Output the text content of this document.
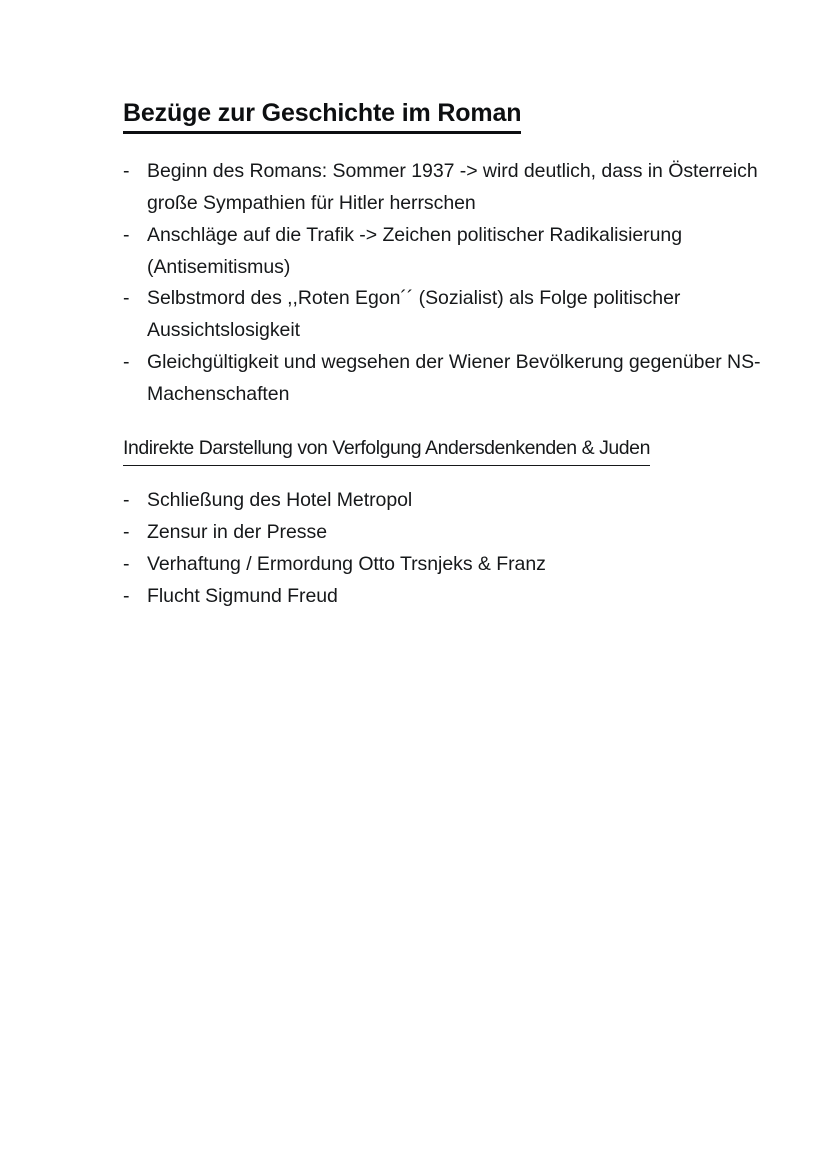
Bezüge zur Geschichte im Roman
- Beginn des Romans: Sommer 1937 -> wird deutlich, dass in Österreich große Sympathien für Hitler herrschen
- Anschläge auf die Trafik -> Zeichen politischer Radikalisierung (Antisemitismus)
- Selbstmord des ,,Roten Egon´´ (Sozialist) als Folge politischer Aussichtslosigkeit
- Gleichgültigkeit und wegsehen der Wiener Bevölkerung gegenüber NS-Machenschaften
Indirekte Darstellung von Verfolgung Andersdenkenden & Juden
- Schließung des Hotel Metropol
- Zensur in der Presse
- Verhaftung / Ermordung Otto Trsnjeks & Franz
- Flucht Sigmund Freud
